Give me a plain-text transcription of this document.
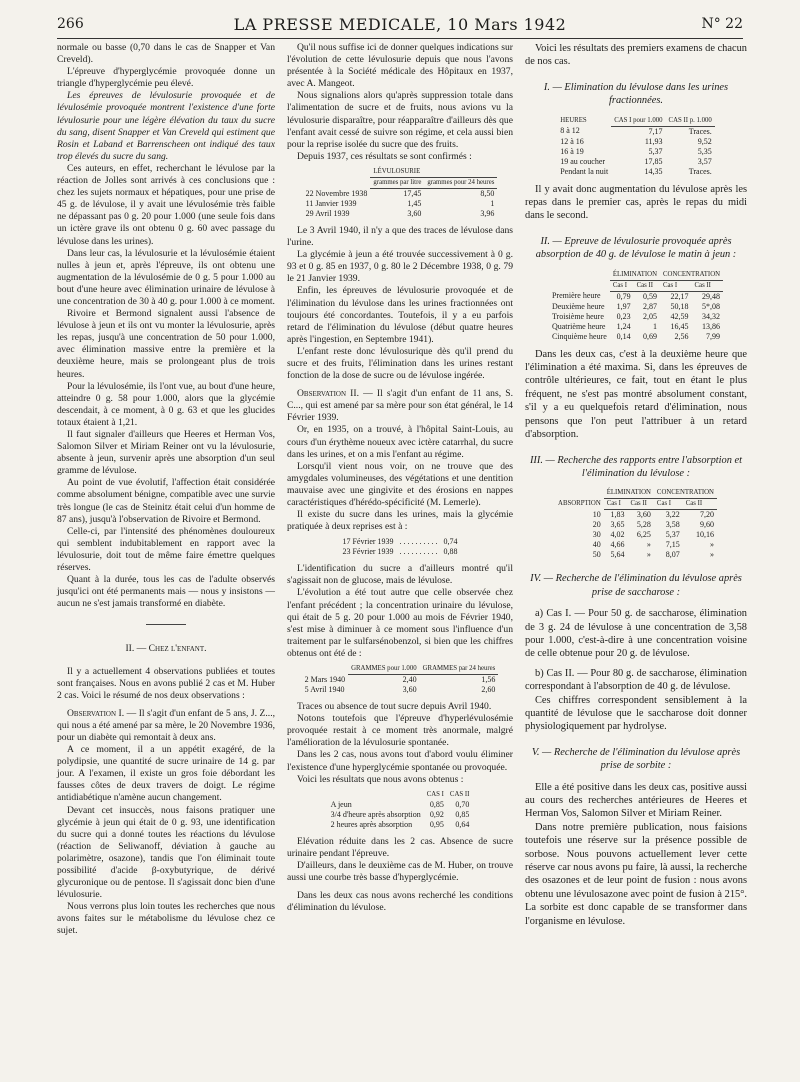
266	LA PRESSE MEDICALE, 10 Mars 1942	N° 22

normale ou basse (0,70 dans le cas de Snapper et Van Creveld).

L'épreuve d'hyperglycémie provoquée donne un triangle d'hyperglycémie peu élevé.

Les épreuves de lévulosurie provoquée et de lévulosémie provoquée montrent l'existence d'une forte lévulosurie pour une légère élévation du taux du sucre du sang, disent Snapper et Van Creveld qui estiment que Rosin et Laband et Barrenscheen ont indiqué des taux trop élevés du sucre du sang.

Ces auteurs, en effet, recherchant le lévulose par la réaction de Jolles sont arrivés à ces conclusions que : chez les sujets normaux et hépatiques, pour une prise de 45 g. de lévulose, il y avait une lévulosémie très faible ne dépassant pas 0 g. 20 pour 1.000 (une seule fois dans un ictère grave ils ont obtenu 0 g. 60 avec passage du lévulose dans les urines).

Dans leur cas, la lévulosurie et la lévulosémie étaient nulles à jeun et, après l'épreuve, ils ont obtenu une augmentation de la lévulosémie de 0 g. 5 pour 1.000 au bout d'une heure avec élimination urinaire de lévulose à une concentration de 30 à 40 g. pour 1.000 à ce moment.

Rivoire et Bermond signalent aussi l'absence de lévulose à jeun et ils ont vu monter la lévulosurie, après les repas, jusqu'à une concentration de 50 pour 1.000, avec élimination massive entre la première et la deuxième heure, mais se prolongeant plus de trois heures.

Pour la lévulosémie, ils l'ont vue, au bout d'une heure, atteindre 0 g. 58 pour 1.000, alors que la glycémie descendait, à ce moment, à 0 g. 63 et que les glucides totaux étaient à 1,21.

Il faut signaler d'ailleurs que Heeres et Herman Vos, Salomon Silver et Miriam Reiner ont vu la lévulosurie, absente à jeun, survenir après une absorption d'un seul gramme de lévulose.

Au point de vue évolutif, l'affection était considérée comme absolument bénigne, compatible avec une survie très longue (le cas de Steinitz était celui d'un homme de 87 ans), jusqu'à l'observation de Rivoire et Bermond.

Celle-ci, par l'intensité des phénomènes douloureux qui semblent indubitablement en rapport avec la lévulosurie, doit tout de même faire émettre quelques réserves.

Quant à la durée, tous les cas de l'adulte observés jusqu'ici ont été permanents mais — nous y insistons — aucun ne s'est jamais transformé en diabète.

II. — Chez l'enfant.

Il y a actuellement 4 observations publiées et toutes sont françaises. Nous en avons publié 2 cas et M. Huber 2 cas. Voici le résumé de nos deux observations :

Observation I. — Il s'agit d'un enfant de 5 ans, J. Z..., qui nous a été amené par sa mère, le 20 Novembre 1936, pour un diabète qui remontait à deux ans.

A ce moment, il a un appétit exagéré, de la polydipsie, une quantité de sucre urinaire de 14 g. par jour. A l'examen, il existe un gros foie débordant les fausses côtes de deux travers de doigt. Le régime antidiabétique n'amène aucun changement.

Devant cet insuccès, nous faisons pratiquer une glycémie à jeun qui était de 0 g. 93, une identification du sucre qui a donné toutes les réactions du lévulose (réaction de Seliwanoff, déviation à gauche au polarimètre, osazone), tandis que l'on éliminait toute possibilité d'acide β-oxybutyrique, de dérivé glycuronique ou de pentose. Il s'agissait donc bien d'une lévulosurie.

Nous verrons plus loin toutes les recherches que nous avons faites sur le métabolisme du lévulose chez ce sujet.

Qu'il nous suffise ici de donner quelques indications sur l'évolution de cette lévulosurie depuis que nous l'avons présentée à la Société médicale des Hôpitaux en 1937, avec A. Mangeot.

Nous signalions alors qu'après suppression totale dans l'alimentation de sucre et de fruits, nous avions vu la lévulosurie disparaître, pour réapparaître d'ailleurs dès que l'enfant avait cessé de suivre son régime, et cela aussi bien pour la reprise isolée du sucre que des fruits.

Depuis 1937, ces résultats se sont confirmés :

	LÉVULOSURIE	
	grammes par litre	grammes pour 24 heures
22 Novembre 1938	17,45	8,50
11 Janvier 1939	1,45	1
29 Avril 1939	3,60	3,96

Le 3 Avril 1940, il n'y a que des traces de lévulose dans l'urine.

La glycémie à jeun a été trouvée successivement à 0 g. 93 et 0 g. 85 en 1937, 0 g. 80 le 2 Décembre 1938, 0 g. 79 le 21 Janvier 1939.

Enfin, les épreuves de lévulosurie provoquée et de l'élimination du lévulose dans les urines fractionnées ont toujours été concordantes. Toutefois, il y a eu parfois retard de l'élimination du lévulose (début quatre heures après l'ingestion, en Septembre 1941).

L'enfant reste donc lévulosurique dès qu'il prend du sucre et des fruits, l'élimination dans les urines restant fonction de la dose de sucre ou de lévulose ingérée.

Observation II. — Il s'agit d'un enfant de 11 ans, S. C..., qui est amené par sa mère pour son état général, le 14 Février 1939.

Or, en 1935, on a trouvé, à l'hôpital Saint-Louis, au cours d'un érythème noueux avec ictère catarrhal, du sucre dans les urines, et on a mis l'enfant au régime.

Lorsqu'il vient nous voir, on ne trouve que des amygdales volumineuses, des végétations et une dentition mauvaise avec une gingivite et des érosions en nappes caractéristiques d'hérédo-spécificité (M. Lemerle).

Il existe du sucre dans les urines, mais la glycémie pratiquée à deux reprises est à :

17 Février 1939	. . . . . . . . . .	0,74
23 Février 1939	. . . . . . . . . .	0,88

L'identification du sucre a d'ailleurs montré qu'il s'agissait non de glucose, mais de lévulose.

L'évolution a été tout autre que celle observée chez l'enfant précédent ; la concentration urinaire du lévulose, qui était de 5 g. 20 pour 1.000 au mois de Février 1940, s'est mise à diminuer à ce moment sous l'influence d'un traitement par le sulfarsénobenzol, si bien que les chiffres obtenus ont été de :

	GRAMMES pour 1.000	GRAMMES par 24 heures
2 Mars 1940	2,40	1,56
5 Avril 1940	3,60	2,60

Traces ou absence de tout sucre depuis Avril 1940.

Notons toutefois que l'épreuve d'hyperlévulosémie provoquée restait à ce moment très anormale, malgré l'amélioration de la lévulosurie spontanée.

Dans les 2 cas, nous avons tout d'abord voulu éliminer l'existence d'une hyperglycémie spontanée ou provoquée.

Voici les résultats que nous avons obtenus :

	CAS I	CAS II
A jeun	0,85	0,70
3/4 d'heure après absorption	0,92	0,85
2 heures après absorption	0,95	0,64

Elévation réduite dans les 2 cas. Absence de sucre urinaire pendant l'épreuve.

D'ailleurs, dans le deuxième cas de M. Huber, on trouve aussi une courbe très basse d'hyperglycémie.

Dans les deux cas nous avons recherché les conditions d'élimination du lévulose.

Voici les résultats des premiers examens de chacun de nos cas.

I. — Elimination du lévulose dans les urines fractionnées.

HEURES	CAS I pour 1.000	CAS II p. 1.000
8 à 12	7,17	Traces.
12 à 16	11,93	9,52
16 à 19	5,37	5,35
19 au coucher	17,85	3,57
Pendant la nuit	14,35	Traces.

Il y avait donc augmentation du lévulose après les repas dans le premier cas, après le repas du midi dans le second.

II. — Epreuve de lévulosurie provoquée après absorption de 40 g. de lévulose le matin à jeun :

	ÉLIMINATION		CONCENTRATION	
	Cas I	Cas II	Cas I	Cas II
Première heure	0,79	0,59	22,17	29,48
Deuxième heure	1,97	2,87	50,18	5*,08
Troisième heure	0,23	2,05	42,59	34,32
Quatrième heure	1,24	1	16,45	13,86
Cinquième heure	0,14	0,69	2,56	7,99

Dans les deux cas, c'est à la deuxième heure que l'élimination a été maxima. Si, dans les épreuves de contrôle ultérieures, ce fait, tout en étant le plus fréquent, ne s'est pas montré absolument constant, s'il y a eu quelquefois retard d'élimination, nous pensons que l'on peut l'attribuer à un retard d'absorption.

III. — Recherche des rapports entre l'absorption et l'élimination du lévulose :

	ÉLIMINATION		CONCENTRATION	
ABSORPTION	Cas I	Cas II	Cas I	Cas II
10	1,83	3,60	3,22	7,20
20	3,65	5,28	3,58	9,60
30	4,02	6,25	5,37	10,16
40	4,66	»	7,15	»
50	5,64	»	8,07	»

IV. — Recherche de l'élimination du lévulose après prise de saccharose :

a) Cas I. — Pour 50 g. de saccharose, élimination de 3 g. 24 de lévulose à une concentration de 3,58 pour 1.000, c'est-à-dire à une concentration voisine de celle obtenue pour 20 g. de lévulose.

b) Cas II. — Pour 80 g. de saccharose, élimination correspondant à l'absorption de 40 g. de lévulose.

Ces chiffres correspondent sensiblement à la quantité de lévulose que le saccharose doit donner physiologiquement par hydrolyse.

V. — Recherche de l'élimination du lévulose après prise de sorbite :

Elle a été positive dans les deux cas, positive aussi au cours des recherches antérieures de Heeres et Herman Vos, Salomon Silver et Miriam Reiner.

Dans notre première publication, nous faisions toutefois une réserve sur la présence possible de sorbose. Nous pouvons actuellement lever cette réserve car nous avons pu faire, là aussi, la recherche des osazones et de leur point de fusion : nous avons obtenu une lévulosazone avec point de fusion à 215°. La sorbite est donc capable de se transformer dans l'organisme en lévulose.
